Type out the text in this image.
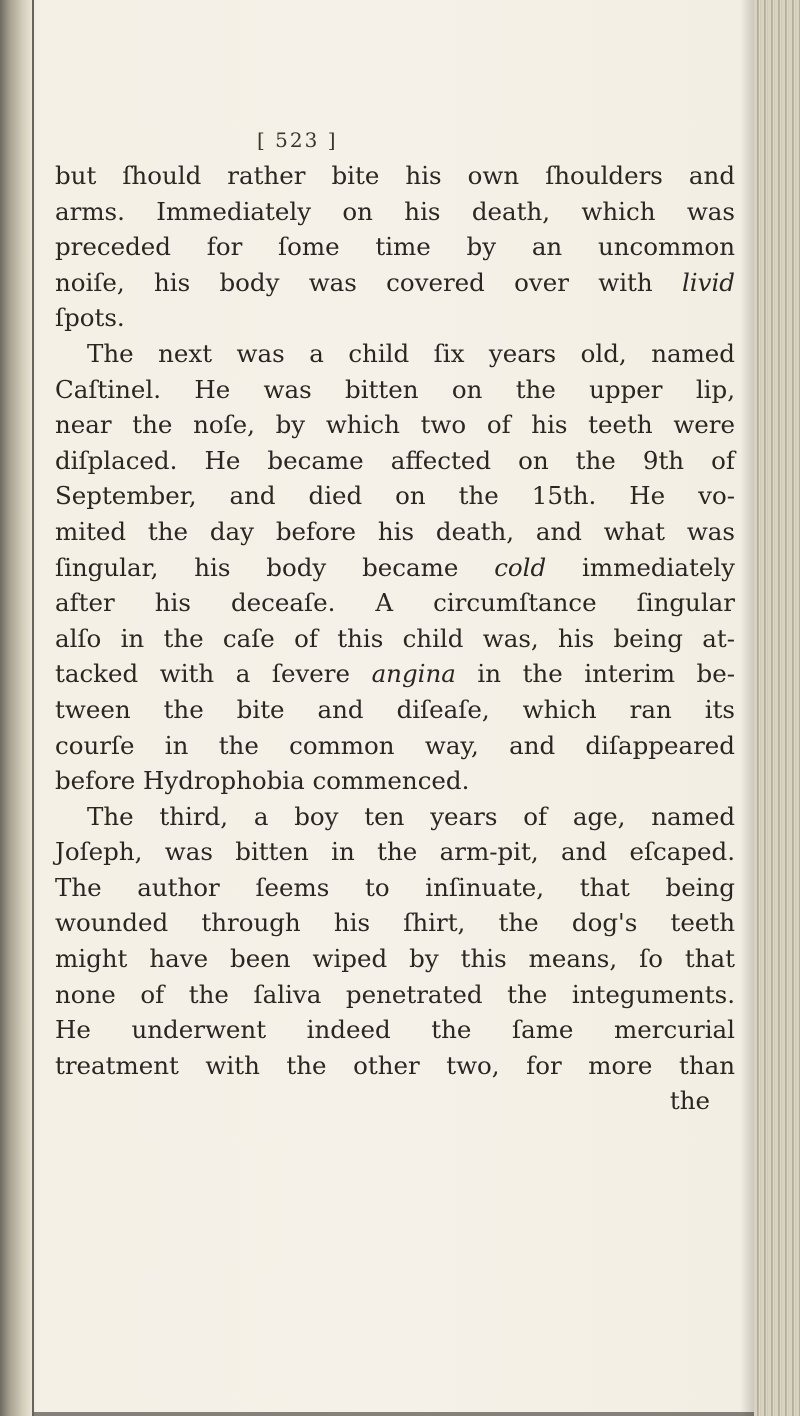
[ 523 ]
but ſhould rather bite his own ſhoulders and
arms. Immediately on his death, which was
preceded for ſome time by an uncommon
noiſe, his body was covered over with livid
ſpots.
The next was a child ſix years old, named
Caſtinel. He was bitten on the upper lip,
near the noſe, by which two of his teeth were
diſplaced. He became affected on the 9th of
September, and died on the 15th. He vo-
mited the day before his death, and what was
ſingular, his body became cold immediately
after his deceaſe. A circumſtance ſingular
alſo in the caſe of this child was, his being at-
tacked with a ſevere angina in the interim be-
tween the bite and diſeaſe, which ran its
courſe in the common way, and diſappeared
before Hydrophobia commenced.
The third, a boy ten years of age, named
Joſeph, was bitten in the arm-pit, and eſcaped.
The author ſeems to inſinuate, that being
wounded through his ſhirt, the dog's teeth
might have been wiped by this means, ſo that
none of the ſaliva penetrated the integuments.
He underwent indeed the ſame mercurial
treatment with the other two, for more than
the
